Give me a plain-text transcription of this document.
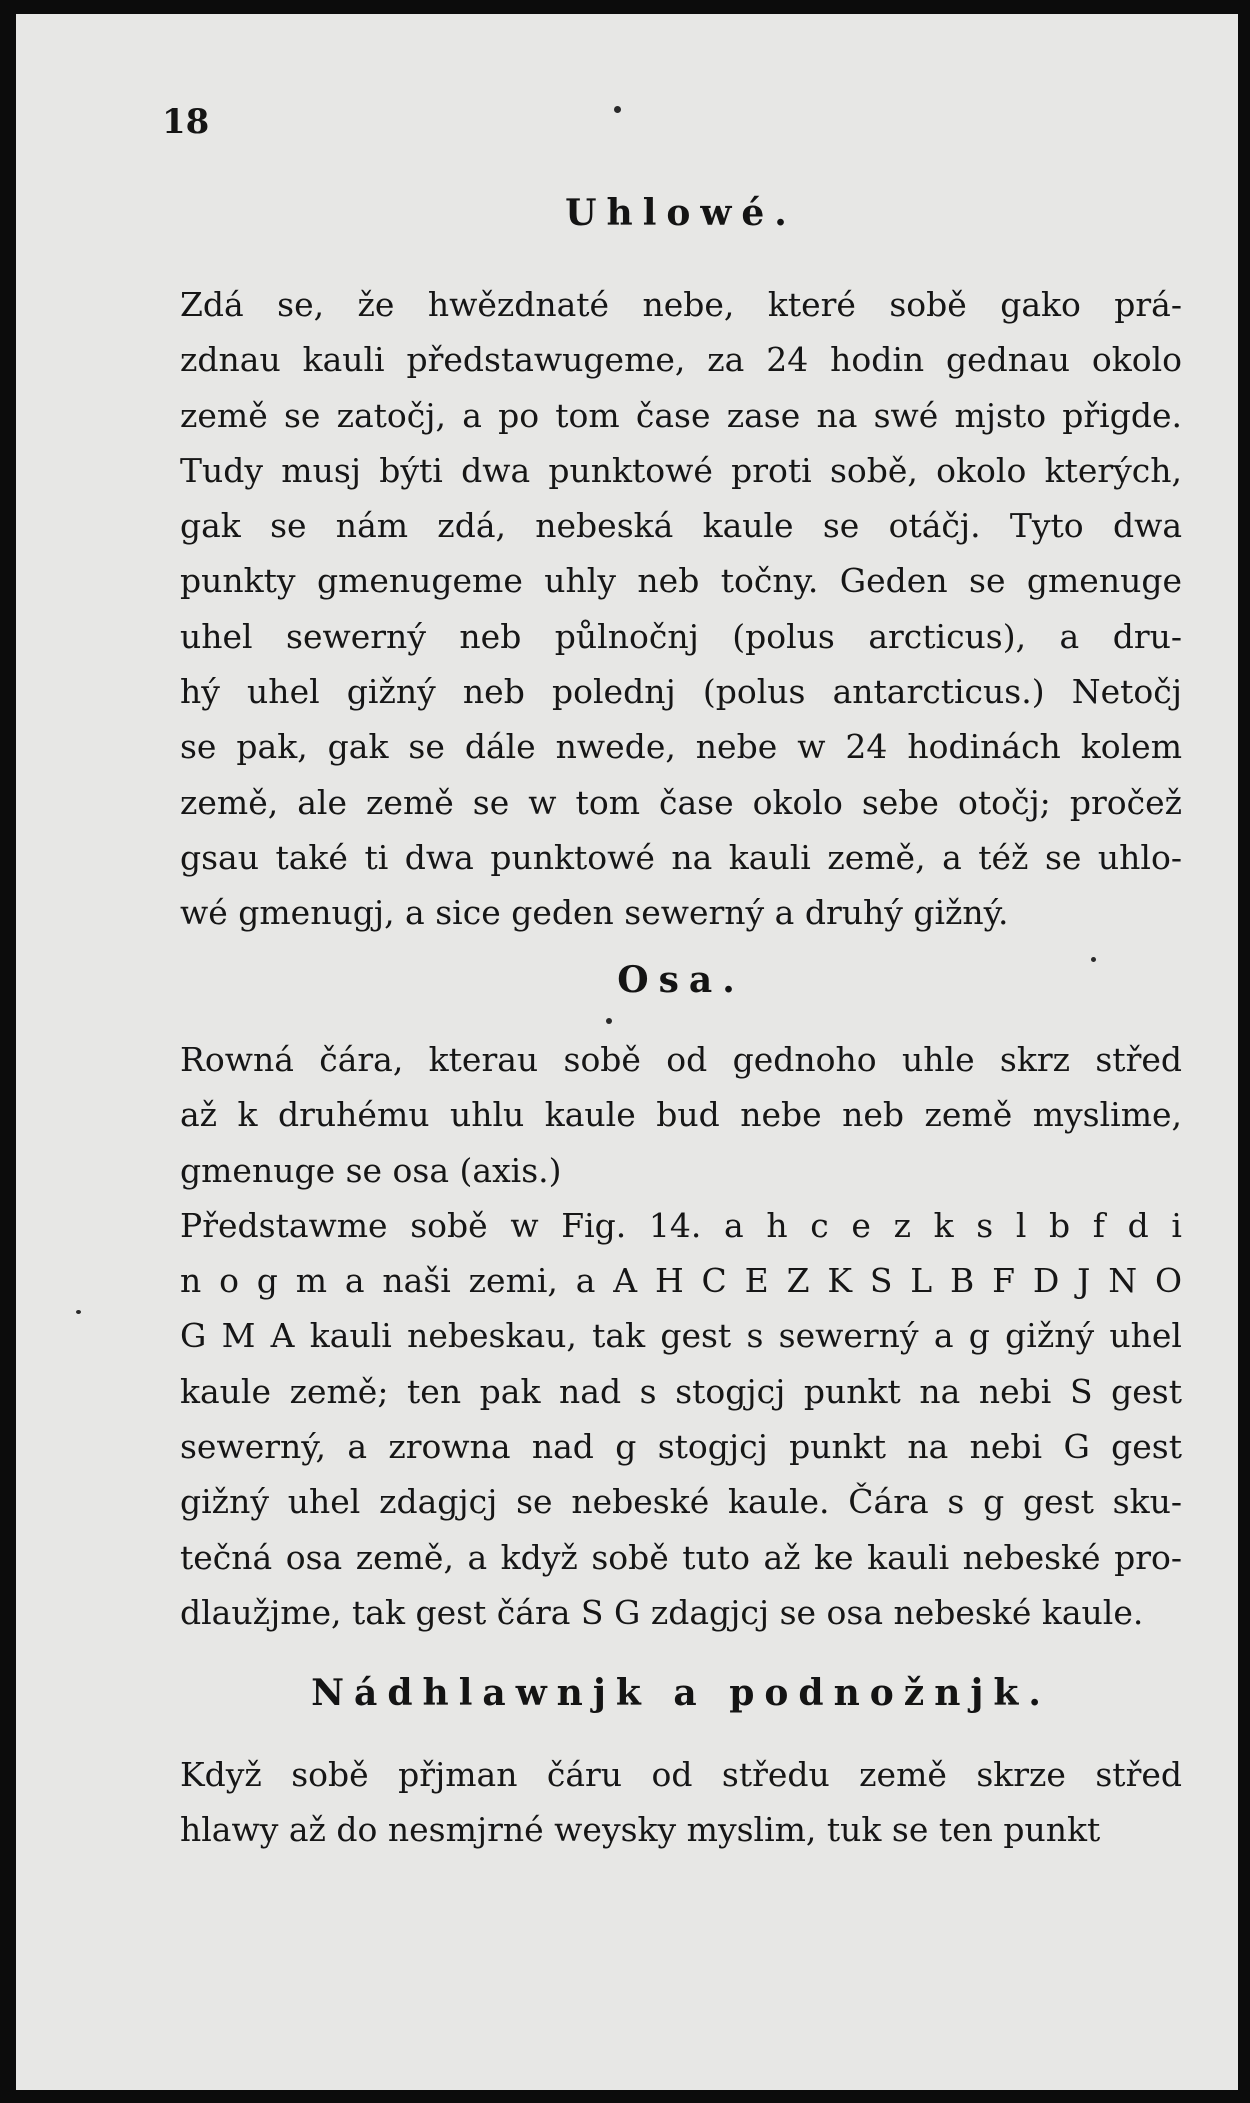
18
Uhlowé.
Zdá se, že hwězdnaté nebe, které sobě gako prá-
zdnau kauli předstawugeme, za 24 hodin gednau okolo
země se zatočj, a po tom čase zase na swé mjsto přigde.
Tudy musj býti dwa punktowé proti sobě, okolo kterých,
gak se nám zdá, nebeská kaule se otáčj. Tyto dwa
punkty gmenugeme uhly neb točny. Geden se gmenuge
uhel sewerný neb půlnočnj (polus arcticus), a dru-
hý uhel gižný neb polednj (polus antarcticus.) Netočj
se pak, gak se dále nwede, nebe w 24 hodinách kolem
země, ale země se w tom čase okolo sebe otočj; pročež
gsau také ti dwa punktowé na kauli země, a též se uhlo-
wé gmenugj, a sice geden sewerný a druhý gižný.
Osa.
Rowná čára, kterau sobě od gednoho uhle skrz střed
až k druhému uhlu kaule bud nebe neb země myslime,
gmenuge se osa (axis.)
Předstawme sobě w Fig. 14. a h c e z k s l b f d i
n o g m a naši zemi, a A H C E Z K S L B F D J N O
G M A kauli nebeskau, tak gest s sewerný a g gižný uhel
kaule země; ten pak nad s stogjcj punkt na nebi S gest
sewerný, a zrowna nad g stogjcj punkt na nebi G gest
gižný uhel zdagjcj se nebeské kaule. Čára s g gest sku-
tečná osa země, a když sobě tuto až ke kauli nebeské pro-
dlaužjme, tak gest čára S G zdagjcj se osa nebeské kaule.
Nádhlawnjk a podnožnjk.
Když sobě přjman čáru od středu země skrze střed
hlawy až do nesmjrné weysky myslim, tuk se ten punkt
